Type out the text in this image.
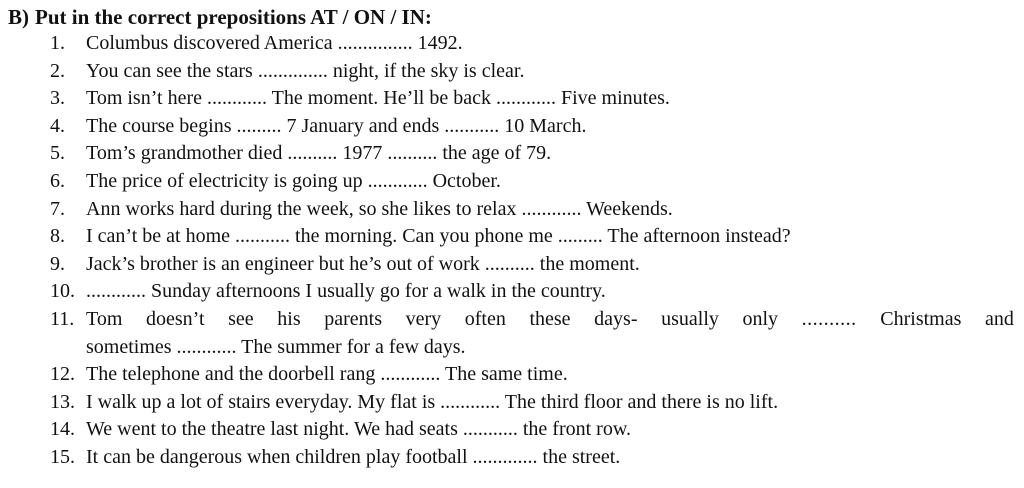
B) Put in the correct prepositions AT / ON / IN:
1.	Columbus discovered America ............... 1492.
2.	You can see the stars .............. night, if the sky is clear.
3.	Tom isn’t here ............ The moment. He’ll be back ............ Five minutes.
4.	The course begins ......... 7 January and ends ........... 10 March.
5.	Tom’s grandmother died .......... 1977 .......... the age of 79.
6.	The price of electricity is going up ............ October.
7.	Ann works hard during the week, so she likes to relax ............ Weekends.
8.	I can’t be at home ........... the morning. Can you phone me ......... The afternoon instead?
9.	Jack’s brother is an engineer but he’s out of work .......... the moment.
10. ............ Sunday afternoons I usually go for a walk in the country.
11. Tom doesn’t see his parents very often these days- usually only .......... Christmas and
sometimes ............ The summer for a few days.
12. The telephone and the doorbell rang ............ The same time.
13. I walk up a lot of stairs everyday. My flat is ............ The third floor and there is no lift.
14. We went to the theatre last night. We had seats ........... the front row.
15. It can be dangerous when children play football ............. the street.
